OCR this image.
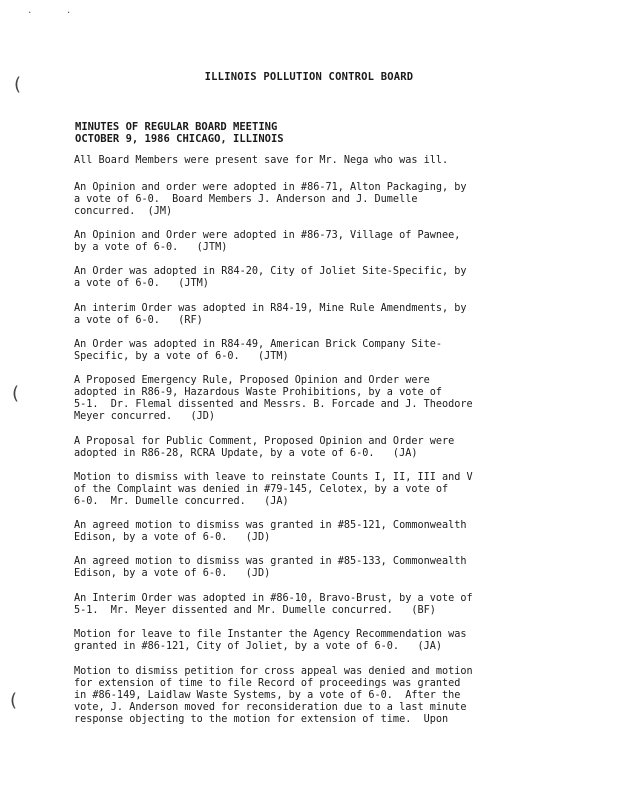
. .
(
(
(
ILLINOIS POLLUTION CONTROL BOARD
MINUTES OF REGULAR BOARD MEETING
OCTOBER 9, 1986 CHICAGO, ILLINOIS
All Board Members were present save for Mr. Nega who was ill.
An Opinion and order were adopted in #86-71, Alton Packaging, by
a vote of 6-0.  Board Members J. Anderson and J. Dumelle
concurred.  (JM)
An Opinion and Order were adopted in #86-73, Village of Pawnee,
by a vote of 6-0.   (JTM)
An Order was adopted in R84-20, City of Joliet Site-Specific, by
a vote of 6-0.   (JTM)
An interim Order was adopted in R84-19, Mine Rule Amendments, by
a vote of 6-0.   (RF)
An Order was adopted in R84-49, American Brick Company Site-
Specific, by a vote of 6-0.   (JTM)
A Proposed Emergency Rule, Proposed Opinion and Order were
adopted in R86-9, Hazardous Waste Prohibitions, by a vote of
5-1.  Dr. Flemal dissented and Messrs. B. Forcade and J. Theodore
Meyer concurred.   (JD)
A Proposal for Public Comment, Proposed Opinion and Order were
adopted in R86-28, RCRA Update, by a vote of 6-0.   (JA)
Motion to dismiss with leave to reinstate Counts I, II, III and V
of the Complaint was denied in #79-145, Celotex, by a vote of
6-0.  Mr. Dumelle concurred.   (JA)
An agreed motion to dismiss was granted in #85-121, Commonwealth
Edison, by a vote of 6-0.   (JD)
An agreed motion to dismiss was granted in #85-133, Commonwealth
Edison, by a vote of 6-0.   (JD)
An Interim Order was adopted in #86-10, Bravo-Brust, by a vote of
5-1.  Mr. Meyer dissented and Mr. Dumelle concurred.   (BF)
Motion for leave to file Instanter the Agency Recommendation was
granted in #86-121, City of Joliet, by a vote of 6-0.   (JA)
Motion to dismiss petition for cross appeal was denied and motion
for extension of time to file Record of proceedings was granted
in #86-149, Laidlaw Waste Systems, by a vote of 6-0.  After the
vote, J. Anderson moved for reconsideration due to a last minute
response objecting to the motion for extension of time.  Upon
